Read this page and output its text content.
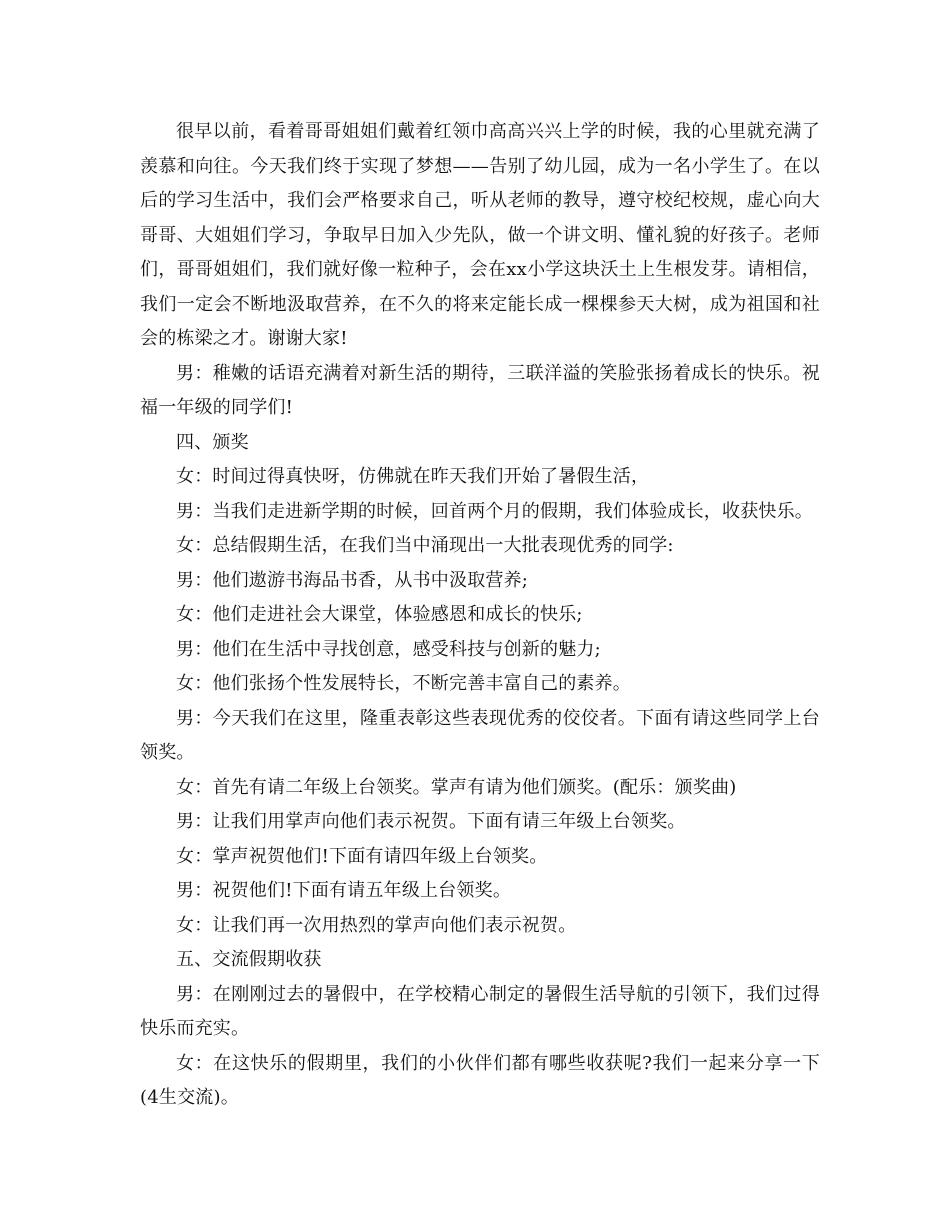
很早以前，看着哥哥姐姐们戴着红领巾高高兴兴上学的时候，我的心里就充满了羡慕和向往。今天我们终于实现了梦想——告别了幼儿园，成为一名小学生了。在以后的学习生活中，我们会严格要求自己，听从老师的教导，遵守校纪校规，虚心向大哥哥、大姐姐们学习，争取早日加入少先队，做一个讲文明、懂礼貌的好孩子。老师们，哥哥姐姐们，我们就好像一粒种子，会在xx小学这块沃土上生根发芽。请相信，我们一定会不断地汲取营养，在不久的将来定能长成一棵棵参天大树，成为祖国和社会的栋梁之才。谢谢大家!

男：稚嫩的话语充满着对新生活的期待，三联洋溢的笑脸张扬着成长的快乐。祝福一年级的同学们!

四、颁奖

女：时间过得真快呀，仿佛就在昨天我们开始了暑假生活，

男：当我们走进新学期的时候，回首两个月的假期，我们体验成长，收获快乐。

女：总结假期生活，在我们当中涌现出一大批表现优秀的同学:

男：他们遨游书海品书香，从书中汲取营养;

女：他们走进社会大课堂，体验感恩和成长的快乐;

男：他们在生活中寻找创意，感受科技与创新的魅力;

女：他们张扬个性发展特长，不断完善丰富自己的素养。

男：今天我们在这里，隆重表彰这些表现优秀的佼佼者。下面有请这些同学上台领奖。

女：首先有请二年级上台领奖。掌声有请为他们颁奖。(配乐：颁奖曲)

男：让我们用掌声向他们表示祝贺。下面有请三年级上台领奖。

女：掌声祝贺他们!下面有请四年级上台领奖。

男：祝贺他们!下面有请五年级上台领奖。

女：让我们再一次用热烈的掌声向他们表示祝贺。

五、交流假期收获

男：在刚刚过去的暑假中，在学校精心制定的暑假生活导航的引领下，我们过得快乐而充实。

女：在这快乐的假期里，我们的小伙伴们都有哪些收获呢?我们一起来分享一下(4生交流)。
